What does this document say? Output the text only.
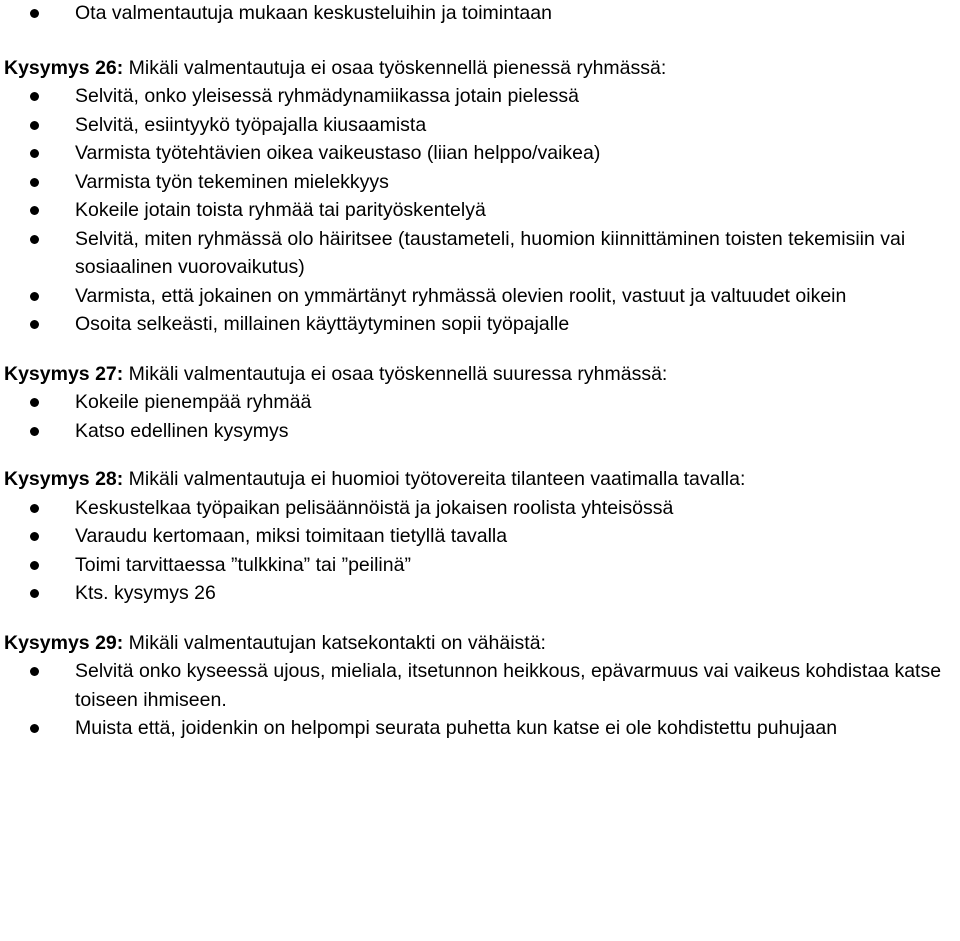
Ota valmentautuja mukaan keskusteluihin ja toimintaan

Kysymys 26: Mikäli valmentautuja ei osaa työskennellä pienessä ryhmässä:

Selvitä, onko yleisessä ryhmädynamiikassa jotain pielessä
Selvitä, esiintyykö työpajalla kiusaamista
Varmista työtehtävien oikea vaikeustaso (liian helppo/vaikea)
Varmista työn tekeminen mielekkyys
Kokeile jotain toista ryhmää tai parityöskentelyä
Selvitä, miten ryhmässä olo häiritsee (taustameteli, huomion kiinnittäminen toisten tekemisiin vai sosiaalinen vuorovaikutus)
Varmista, että jokainen on ymmärtänyt ryhmässä olevien roolit, vastuut ja valtuudet oikein
Osoita selkeästi, millainen käyttäytyminen sopii työpajalle

Kysymys 27: Mikäli valmentautuja ei osaa työskennellä suuressa ryhmässä:

Kokeile pienempää ryhmää
Katso edellinen kysymys

Kysymys 28: Mikäli valmentautuja ei huomioi työtovereita tilanteen vaatimalla tavalla:

Keskustelkaa työpaikan pelisäännöistä ja jokaisen roolista yhteisössä
Varaudu kertomaan, miksi toimitaan tietyllä tavalla
Toimi tarvittaessa ”tulkkina” tai ”peilinä”
Kts. kysymys 26

Kysymys 29: Mikäli valmentautujan katsekontakti on vähäistä:

Selvitä onko kyseessä ujous, mieliala, itsetunnon heikkous, epävarmuus vai vaikeus kohdistaa katse toiseen ihmiseen.
Muista että, joidenkin on helpompi seurata puhetta kun katse ei ole kohdistettu puhujaan
